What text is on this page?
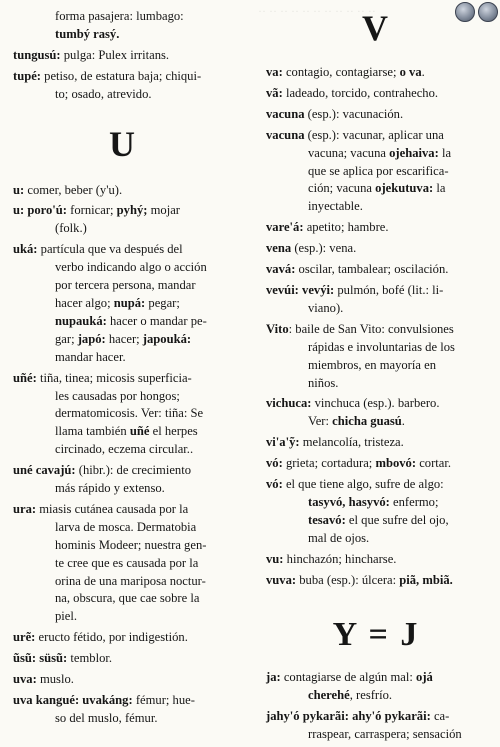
·· ·· ·· ·· ·· ·· ·· ·· ·· ·· ··
forma pasajera: lumbago:
tumbý rasý.
tungusú: pulga: Pulex irritans.
tupé: petiso, de estatura baja; chiqui-
to; osado, atrevido.
U
u: comer, beber (y'u).
u: poro'ú: fornicar; pyhý; mojar
(folk.)
uká: partícula que va después del
verbo indicando algo o acción
por tercera persona, mandar
hacer algo; nupá: pegar;
nupauká: hacer o mandar pe-
gar; japó: hacer; japouká:
mandar hacer.
uñé: tiña, tinea; micosis superficia-
les causadas por hongos;
dermatomicosis. Ver: tiña: Se
llama también uñé el herpes
circinado, eczema circular..
uné cavajú: (hibr.): de crecimiento
más rápido y extenso.
ura: miasis cutánea causada por la
larva de mosca. Dermatobia
hominis Modeer; nuestra gen-
te cree que es causada por la
orina de una mariposa noctur-
na, obscura, que cae sobre la
piel.
urẽ: eructo fétido, por indigestión.
ũsũ: süsũ: temblor.
uva: muslo.
uva kangué: uvakáng: fémur; hue-
so del muslo, fémur.
V
va: contagio, contagiarse; o va.
vã: ladeado, torcido, contrahecho.
vacuna (esp.): vacunación.
vacuna (esp.): vacunar, aplicar una
vacuna; vacuna ojehaiva: la
que se aplica por escarifica-
ción; vacuna ojekutuva: la
inyectable.
vare'á: apetito; hambre.
vena (esp.): vena.
vavá: oscilar, tambalear; oscilación.
vevúi: vevýi: pulmón, bofé (lit.: li-
viano).
Vito: baile de San Vito: convulsiones
rápidas e involuntarias de los
miembros, en mayoría en
niños.
vichuca: vinchuca (esp.). barbero.
Ver: chicha guasú.
vi'a'ỹ: melancolía, tristeza.
vó: grieta; cortadura; mbovó: cortar.
vó: el que tiene algo, sufre de algo:
tasyvó, hasyvó: enfermo;
tesavó: el que sufre del ojo,
mal de ojos.
vu: hinchazón; hincharse.
vuva: buba (esp.): úlcera: piã, mbiã.
Y = J
ja: contagiarse de algún mal: ojá
cherehé, resfrío.
jahy'ó pykarãi: ahy'ó pykarãi: ca-
rraspear, carraspera; sensación
